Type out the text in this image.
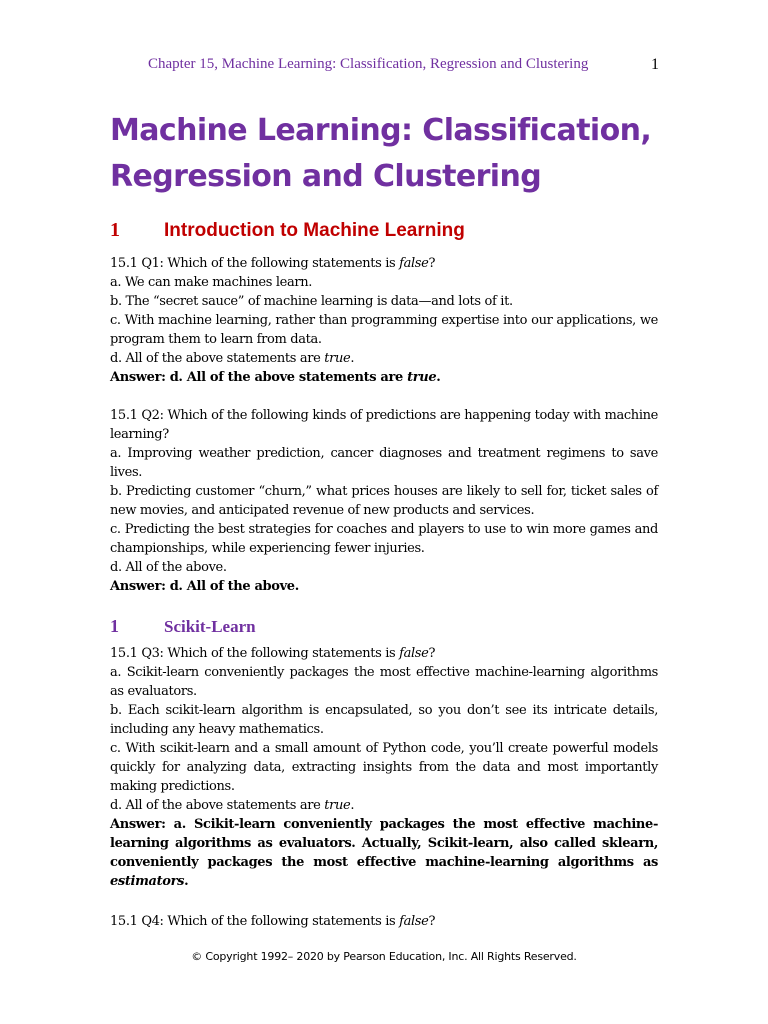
Chapter 15, Machine Learning: Classification, Regression and Clustering	1
Machine Learning: Classification, Regression and Clustering
1	Introduction to Machine Learning

15.1 Q1: Which of the following statements is false?

a. We can make machines learn.

b. The “secret sauce” of machine learning is data—and lots of it.

c. With machine learning, rather than programming expertise into our applications, we program them to learn from data.

d. All of the above statements are true.

Answer: d. All of the above statements are true.

15.1 Q2: Which of the following kinds of predictions are happening today with machine learning?

a. Improving weather prediction, cancer diagnoses and treatment regimens to save lives.

b. Predicting customer “churn,” what prices houses are likely to sell for, ticket sales of new movies, and anticipated revenue of new products and services.

c. Predicting the best strategies for coaches and players to use to win more games and championships, while experiencing fewer injuries.

d. All of the above.

Answer: d. All of the above.

1	Scikit-Learn

15.1 Q3: Which of the following statements is false?

a. Scikit-learn conveniently packages the most effective machine-learning algorithms as evaluators.

b. Each scikit-learn algorithm is encapsulated, so you don’t see its intricate details, including any heavy mathematics.

c. With scikit-learn and a small amount of Python code, you’ll create powerful models quickly for analyzing data, extracting insights from the data and most importantly making predictions.

d. All of the above statements are true.

Answer: a. Scikit-learn conveniently packages the most effective machine-learning algorithms as evaluators. Actually, Scikit-learn, also called sklearn, conveniently packages the most effective machine-learning algorithms as estimators.

15.1 Q4: Which of the following statements is false?

© Copyright 1992– 2020 by Pearson Education, Inc. All Rights Reserved.
